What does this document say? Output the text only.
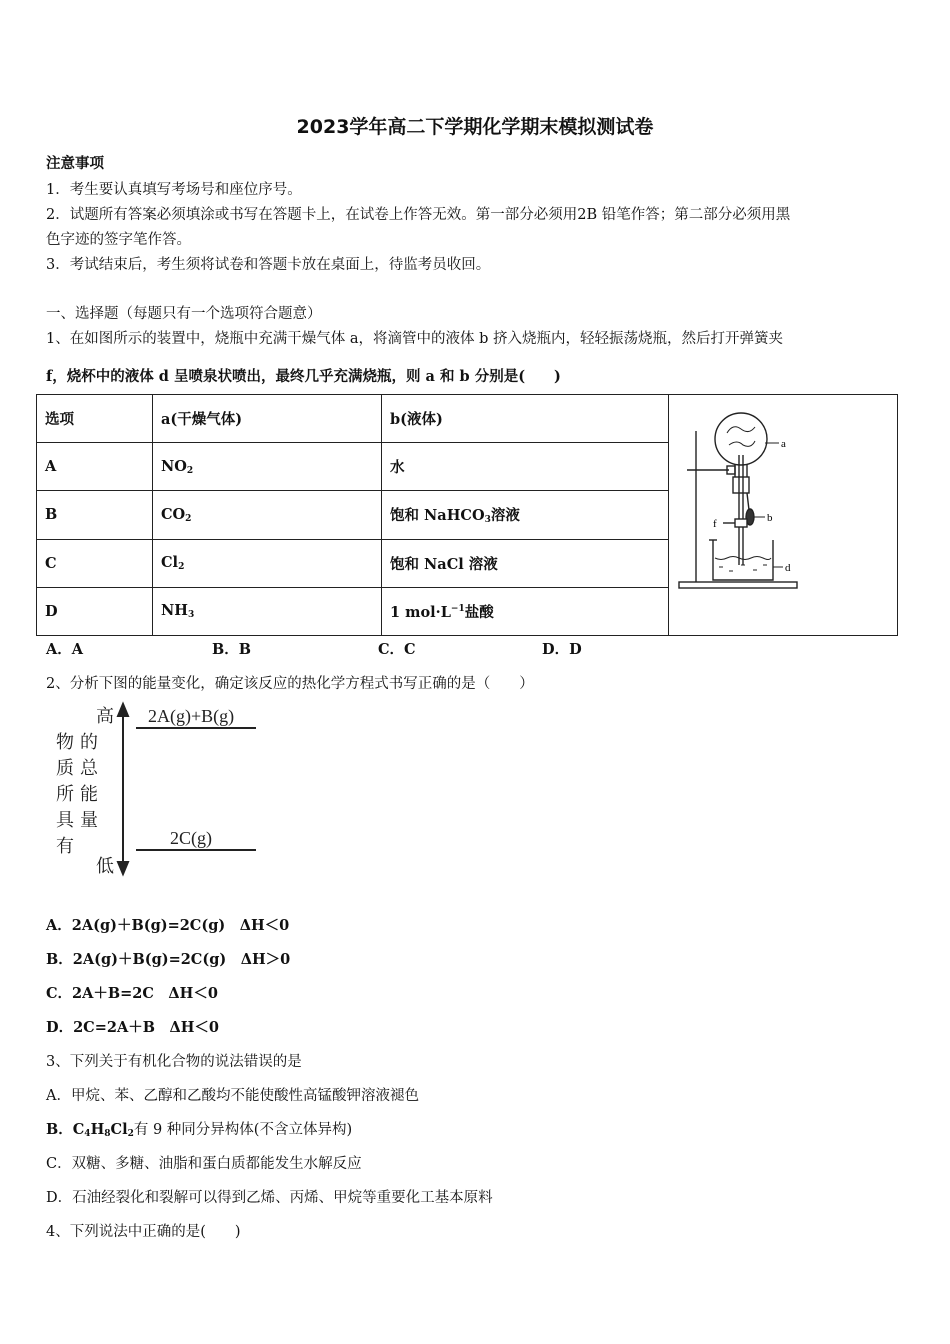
2023学年高二下学期化学期末模拟测试卷
注意事项
1．考生要认真填写考场号和座位序号。
2．试题所有答案必须填涂或书写在答题卡上，在试卷上作答无效。第一部分必须用2B 铅笔作答；第二部分必须用黑
色字迹的签字笔作答。
3．考试结束后，考生须将试卷和答题卡放在桌面上，待监考员收回。
一、选择题（每题只有一个选项符合题意）
1、在如图所示的装置中，烧瓶中充满干燥气体 a，将滴管中的液体 b 挤入烧瓶内，轻轻振荡烧瓶，然后打开弹簧夹
f，烧杯中的液体 d 呈喷泉状喷出，最终几乎充满烧瓶，则 a 和 b 分别是(　　)
选项	a(干燥气体)	b(液体)	a
b
f
d

A	$NO_2$	水	
B	$CO_2$	饱和 NaHCO$_3$溶液	
C	$Cl_2$	饱和 NaCl 溶液	
D	$NH_3$	1 $mol\cdot L^{-1}$盐酸	
A．A	B．B	C．C	D．D
2、分析下图的能量变化，确定该反应的热化学方程式书写正确的是（　　）
高
低
物
质
所
具
有
的
总
能
量
2A(g)+B(g)
2C(g)
A．2A(g)＋B(g)=2C(g)　ΔH＜0
B．2A(g)＋B(g)=2C(g)　ΔH＞0
C．2A＋B=2C　ΔH＜0
D．2C=2A＋B　ΔH＜0
3、下列关于有机化合物的说法错误的是
A．甲烷、苯、乙醇和乙酸均不能使酸性高锰酸钾溶液褪色
B．$C_4H_8Cl_2$有 9 种同分异构体(不含立体异构)
C．双糖、多糖、油脂和蛋白质都能发生水解反应
D．石油经裂化和裂解可以得到乙烯、丙烯、甲烷等重要化工基本原料
4、下列说法中正确的是(　　)
